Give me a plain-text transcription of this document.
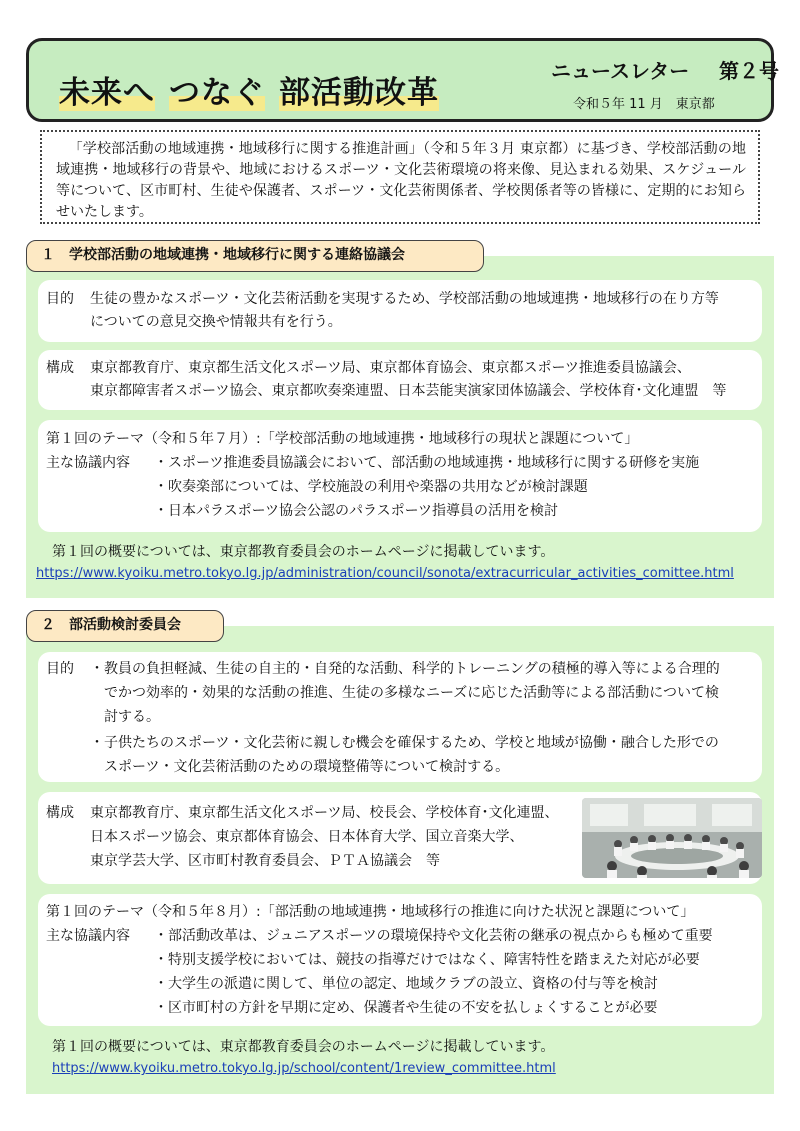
未来へ つなぐ 部活動改革
ニュースレター 第２号
令和５年 11 月　東京都
「学校部活動の地域連携・地域移行に関する推進計画」（令和５年３月 東京都）に基づき、学校部活動の地域連携・地域移行の背景や、地域におけるスポーツ・文化芸術環境の将来像、見込まれる効果、スケジュール等について、区市町村、生徒や保護者、スポーツ・文化芸術関係者、学校関係者等の皆様に、定期的にお知らせいたします。
１　学校部活動の地域連携・地域移行に関する連絡協議会
目的 生徒の豊かなスポーツ・文化芸術活動を実現するため、学校部活動の地域連携・地域移行の在り方等
についての意見交換や情報共有を行う。
構成 東京都教育庁、東京都生活文化スポーツ局、東京都体育協会、東京都スポーツ推進委員協議会、
東京都障害者スポーツ協会、東京都吹奏楽連盟、日本芸能実演家団体協議会、学校体育･文化連盟　等
第１回のテーマ（令和５年７月）:「学校部活動の地域連携・地域移行の現状と課題について」
主な協議内容 ・スポーツ推進委員協議会において、部活動の地域連携・地域移行に関する研修を実施
・吹奏楽部については、学校施設の利用や楽器の共用などが検討課題
・日本パラスポーツ協会公認のパラスポーツ指導員の活用を検討
第１回の概要については、東京都教育委員会のホームページに掲載しています。
https://www.kyoiku.metro.tokyo.lg.jp/administration/council/sonota/extracurricular_activities_comittee.html
２　部活動検討委員会
目的 ・教員の負担軽減、生徒の自主的・自発的な活動、科学的トレーニングの積極的導入等による合理的
でかつ効率的・効果的な活動の推進、生徒の多様なニーズに応じた活動等による部活動について検
討する。
・子供たちのスポーツ・文化芸術に親しむ機会を確保するため、学校と地域が協働・融合した形での
スポーツ・文化芸術活動のための環境整備等について検討する。
構成 東京都教育庁、東京都生活文化スポーツ局、校長会、学校体育･文化連盟、
日本スポーツ協会、東京都体育協会、日本体育大学、国立音楽大学、
東京学芸大学、区市町村教育委員会、ＰＴＡ協議会　等
第１回のテーマ（令和５年８月）:「部活動の地域連携・地域移行の推進に向けた状況と課題について」
主な協議内容 ・部活動改革は、ジュニアスポーツの環境保持や文化芸術の継承の視点からも極めて重要
・特別支援学校においては、競技の指導だけではなく、障害特性を踏まえた対応が必要
・大学生の派遣に関して、単位の認定、地域クラブの設立、資格の付与等を検討
・区市町村の方針を早期に定め、保護者や生徒の不安を払しょくすることが必要
第１回の概要については、東京都教育委員会のホームページに掲載しています。
https://www.kyoiku.metro.tokyo.lg.jp/school/content/1review_committee.html
